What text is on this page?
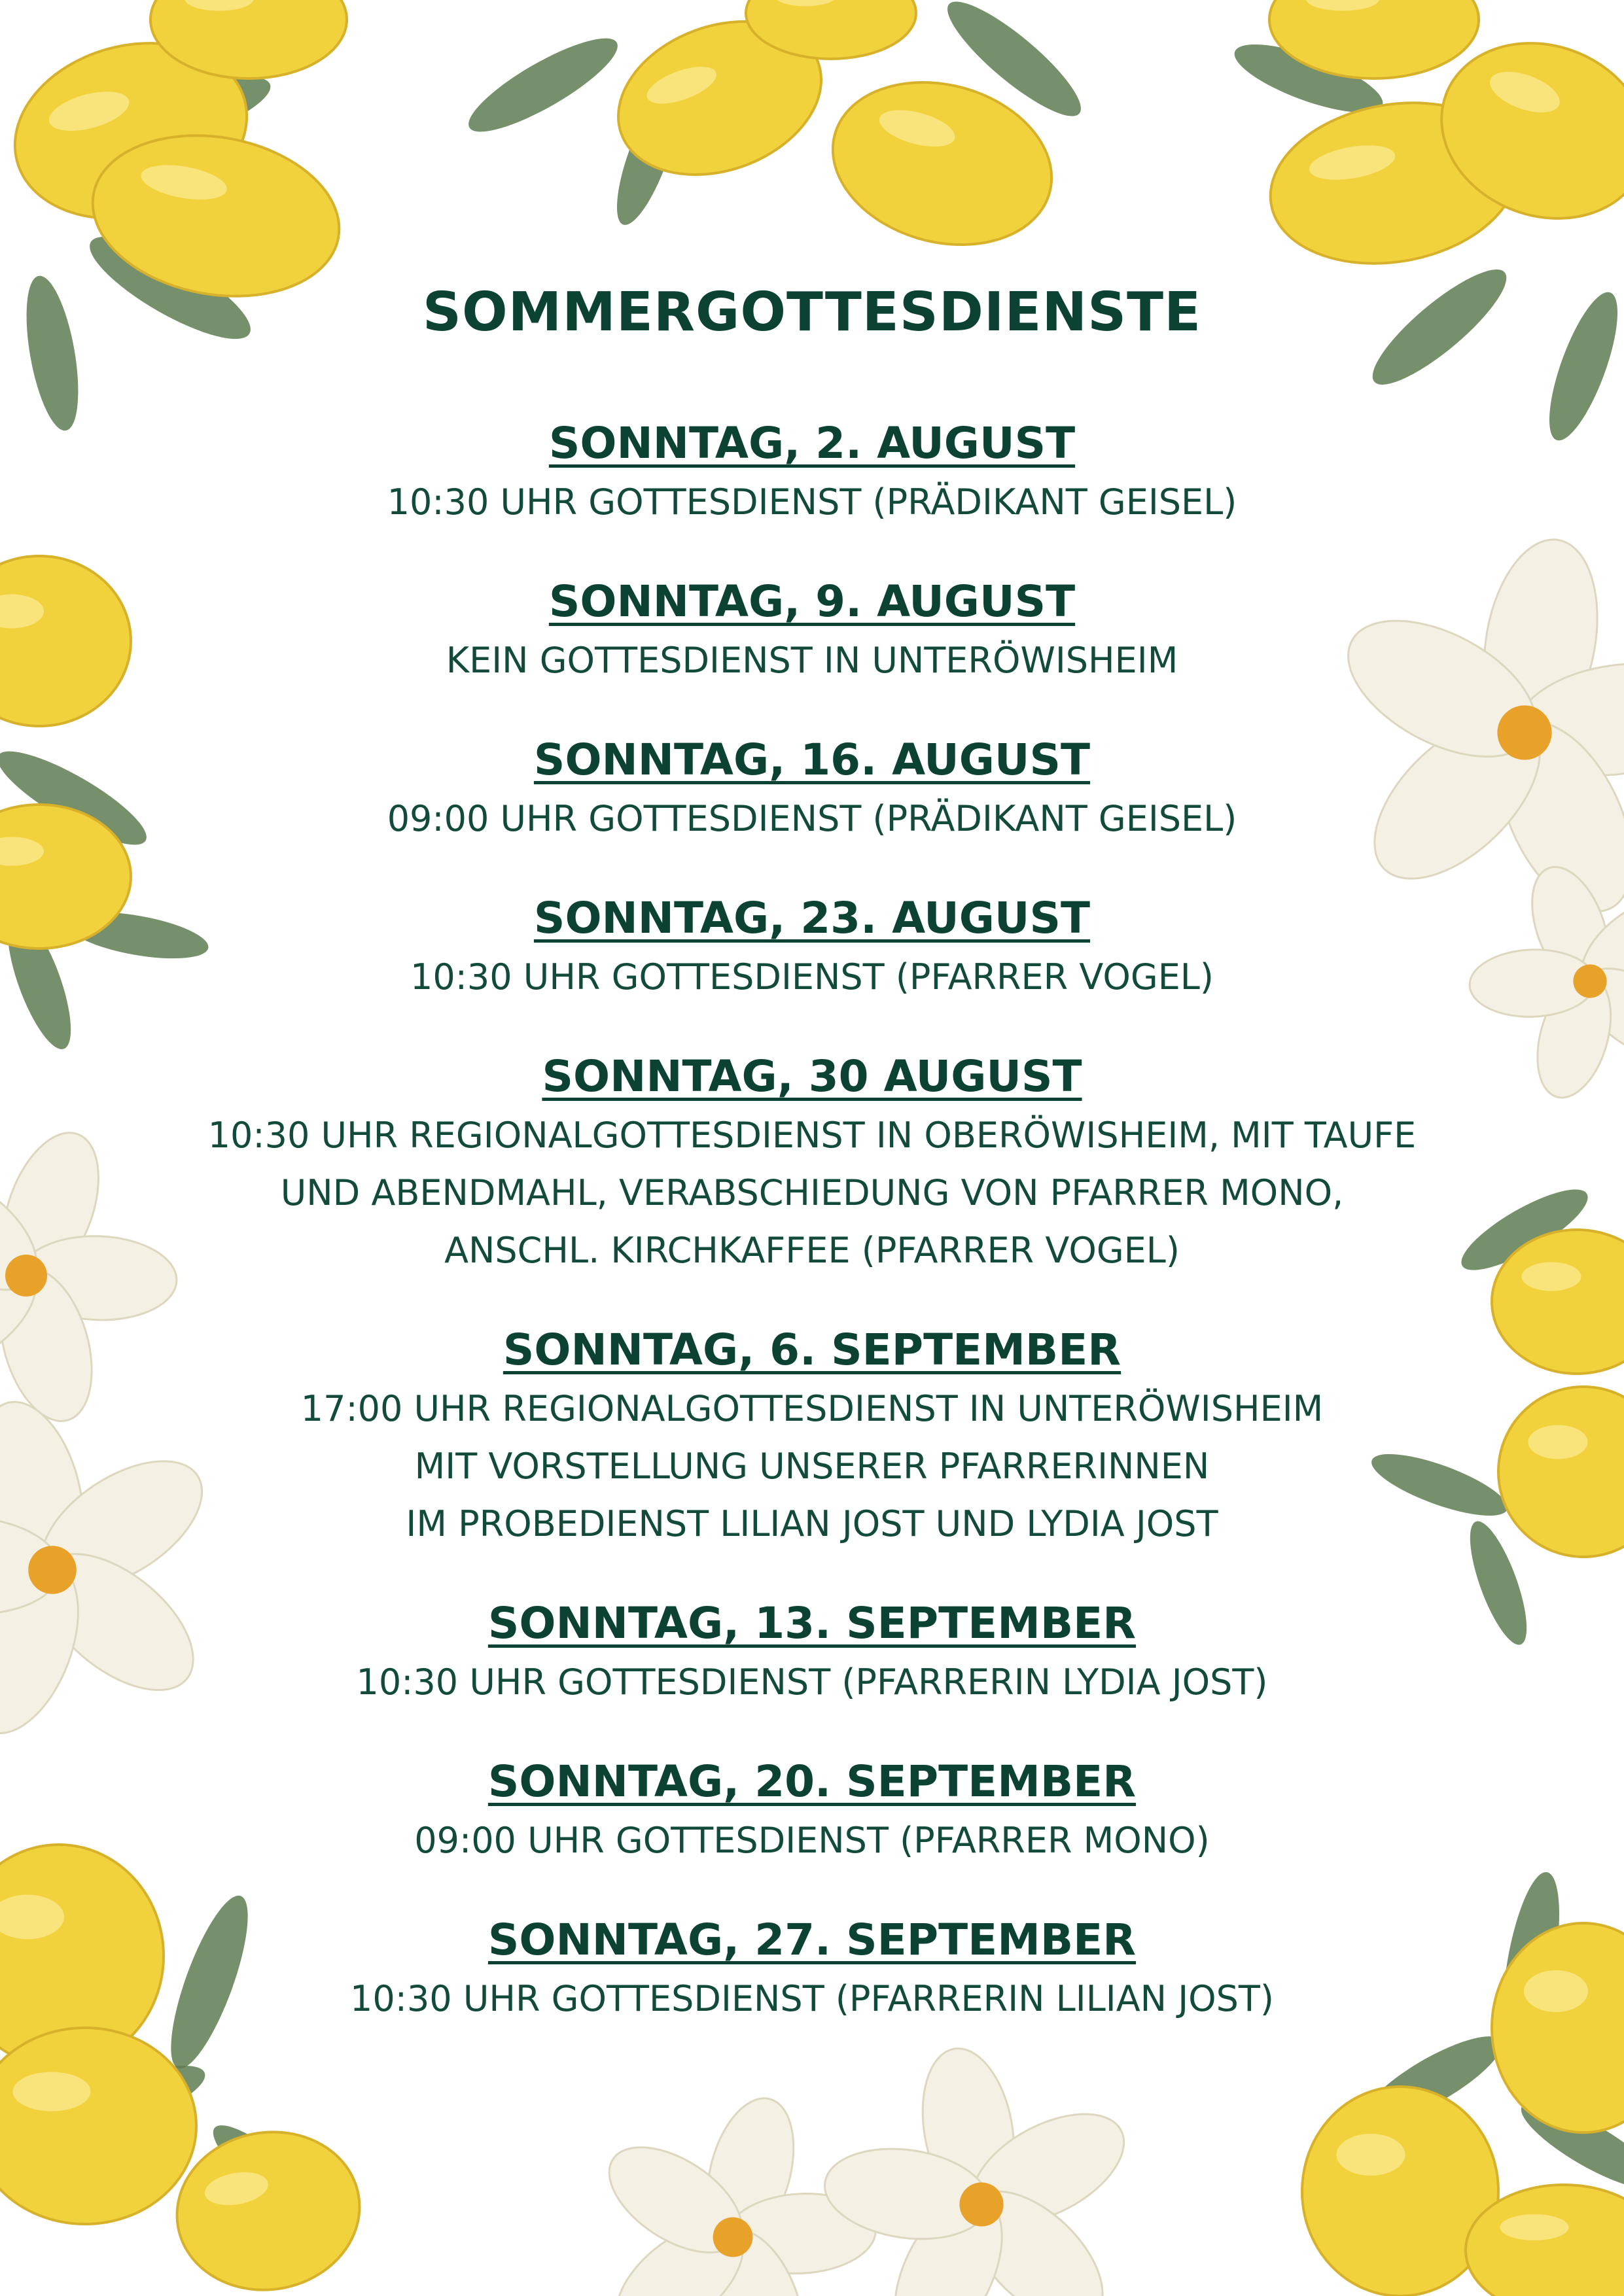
SOMMERGOTTESDIENSTE
SONNTAG, 2. AUGUST
10:30 UHR GOTTESDIENST (PRÄDIKANT GEISEL)
SONNTAG, 9. AUGUST
KEIN GOTTESDIENST IN UNTERÖWISHEIM
SONNTAG, 16. AUGUST
09:00 UHR GOTTESDIENST (PRÄDIKANT GEISEL)
SONNTAG, 23. AUGUST
10:30 UHR GOTTESDIENST (PFARRER VOGEL)
SONNTAG, 30 AUGUST
10:30 UHR REGIONALGOTTESDIENST IN OBERÖWISHEIM, MIT TAUFE
UND ABENDMAHL, VERABSCHIEDUNG VON PFARRER MONO,
ANSCHL. KIRCHKAFFEE (PFARRER VOGEL)
SONNTAG, 6. SEPTEMBER
17:00 UHR REGIONALGOTTESDIENST IN UNTERÖWISHEIM
MIT VORSTELLUNG UNSERER PFARRERINNEN
IM PROBEDIENST LILIAN JOST UND LYDIA JOST
SONNTAG, 13. SEPTEMBER
10:30 UHR GOTTESDIENST (PFARRERIN LYDIA JOST)
SONNTAG, 20. SEPTEMBER
09:00 UHR GOTTESDIENST (PFARRER MONO)
SONNTAG, 27. SEPTEMBER
10:30 UHR GOTTESDIENST (PFARRERIN LILIAN JOST)
